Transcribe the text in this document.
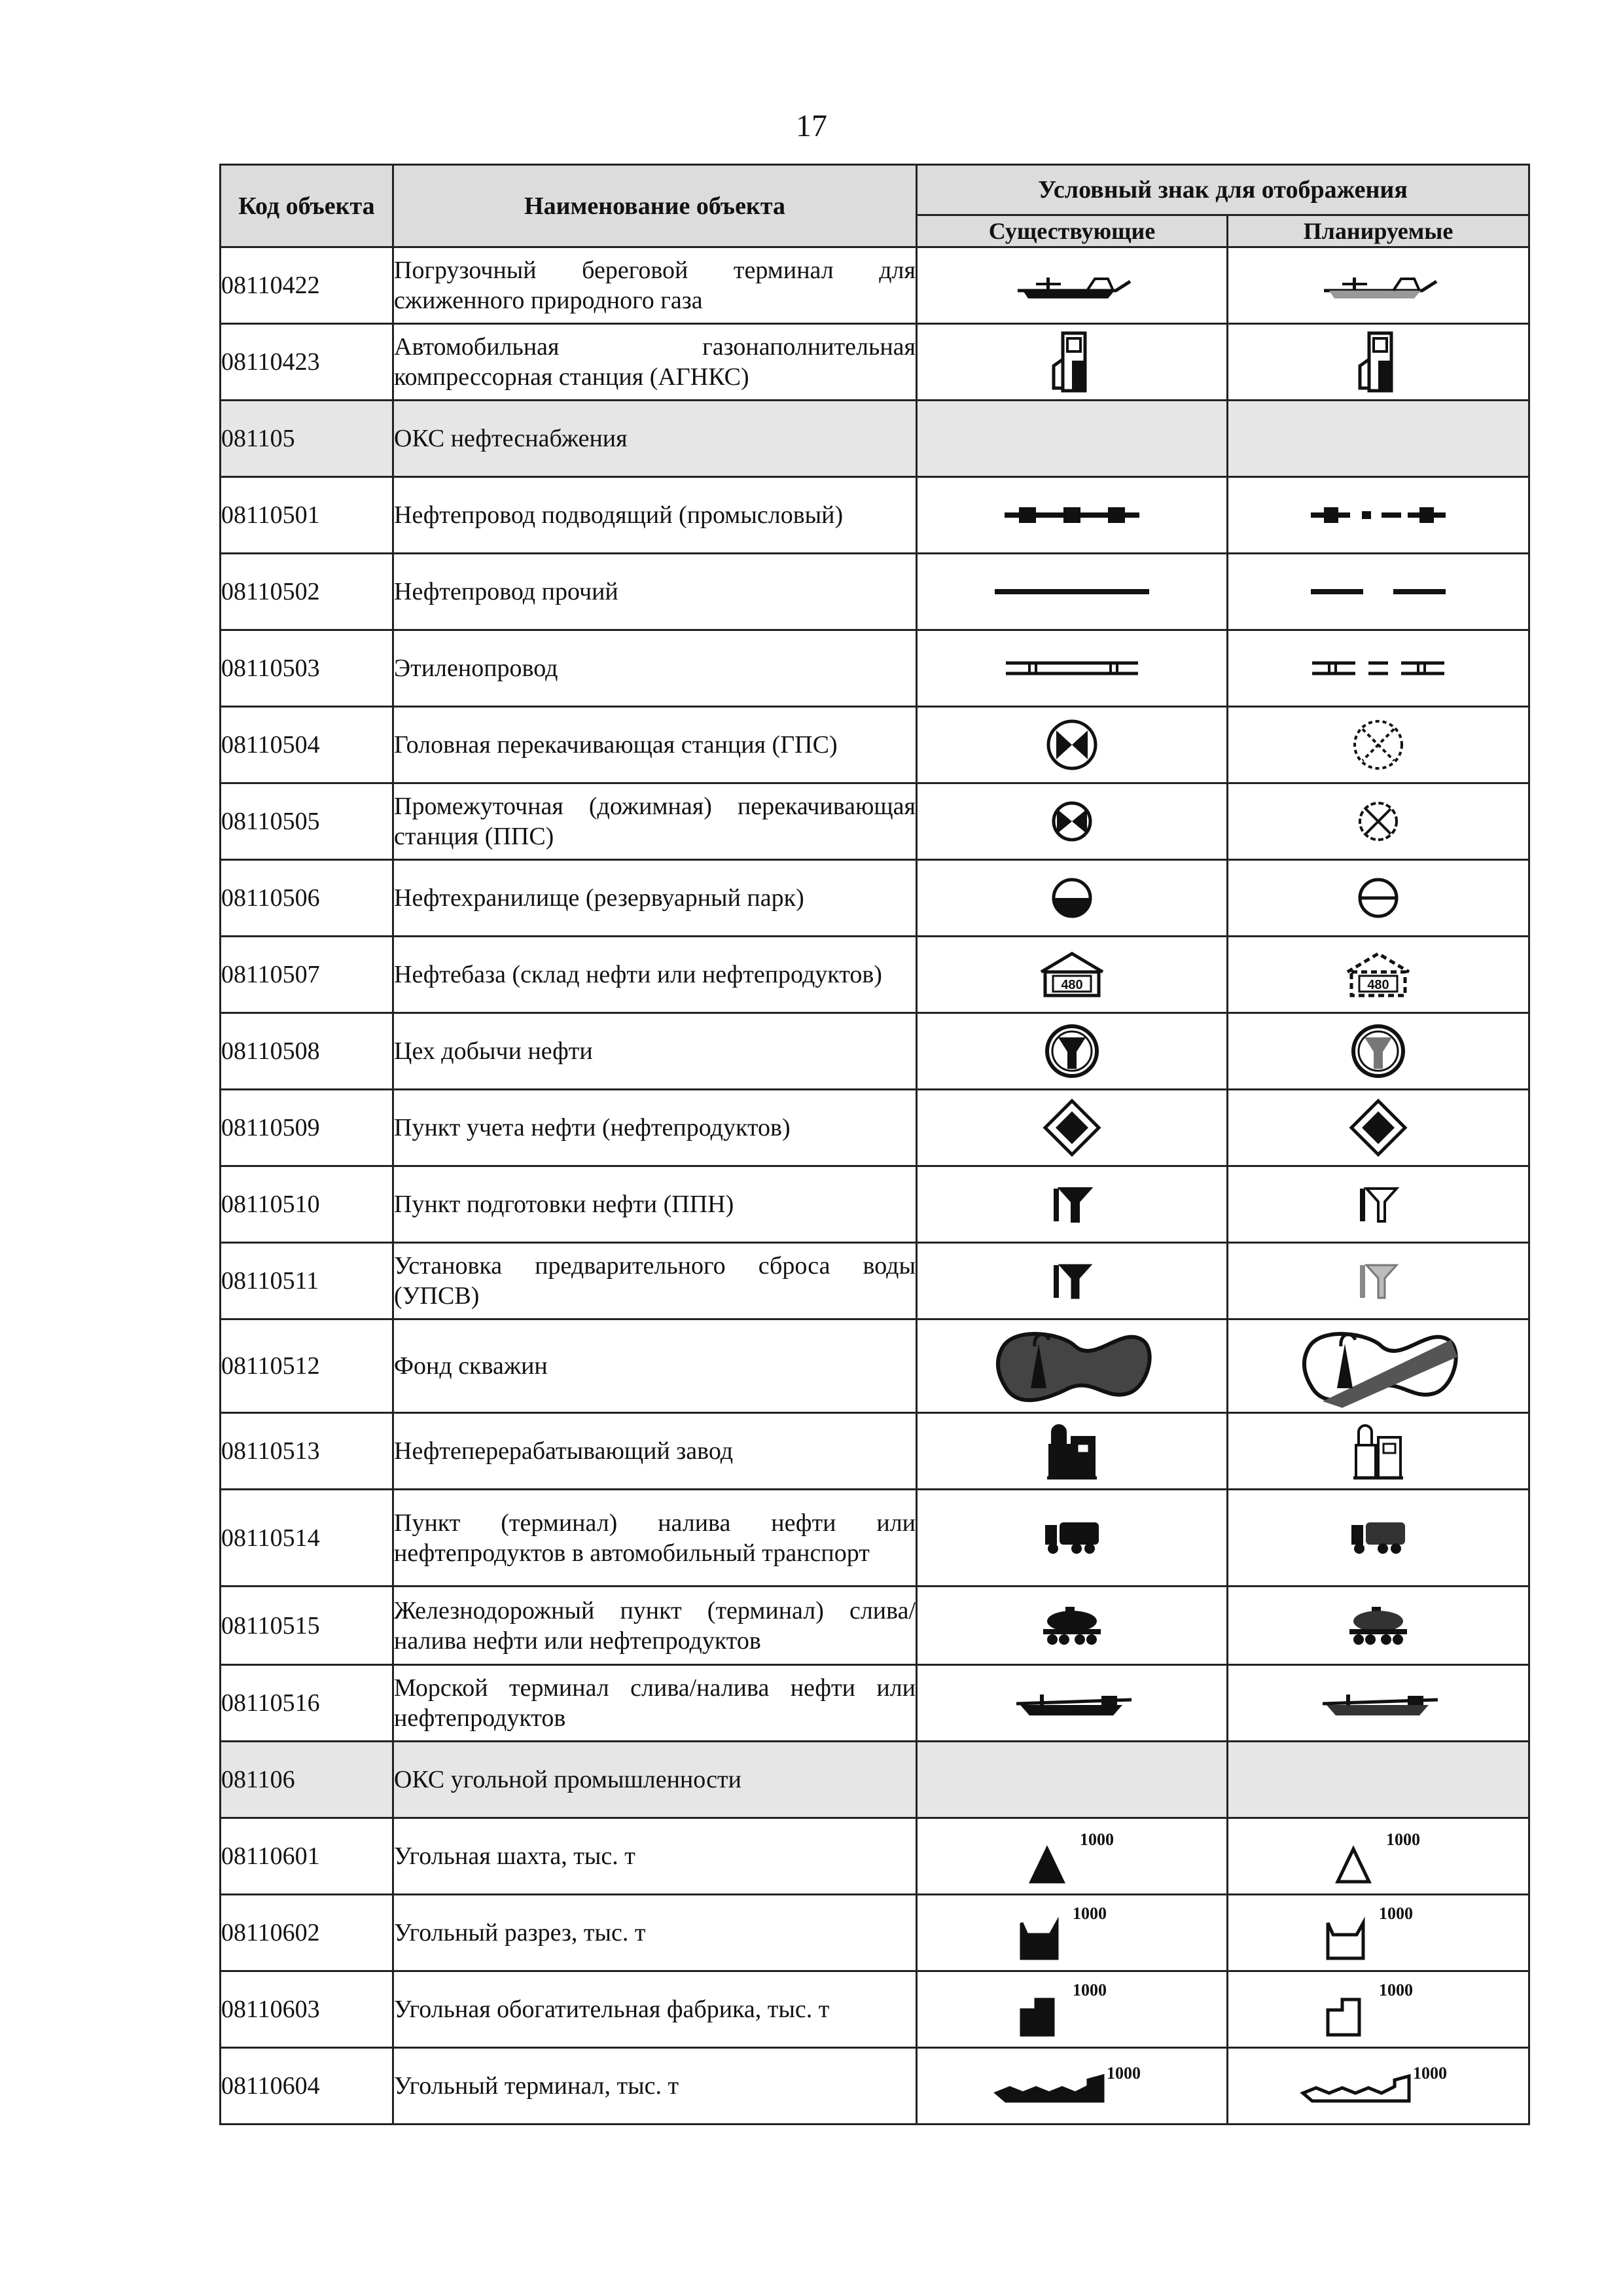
17
Код объекта	Наименование объекта	Условный знак для отображения	
		Существующие	Планируемые
08110422	Погрузочный береговой терминал для сжиженного природного газа		
08110423	Автомобильная газонаполнительная компрессорная станция (АГНКС)		
081105	ОКС нефтеснабжения		
08110501	Нефтепровод подводящий (промысловый)		
08110502	Нефтепровод прочий		
08110503	Этиленопровод		
08110504	Головная перекачивающая станция (ГПС)		
08110505	Промежуточная (дожимная) перекачивающая станция (ППС)		
08110506	Нефтехранилище (резервуарный парк)		
08110507	Нефтебаза (склад нефти или нефтепродуктов)	480	480

08110508	Цех добычи нефти		
08110509	Пункт учета нефти (нефтепродуктов)		
08110510	Пункт подготовки нефти (ППН)		
08110511	Установка предварительного сброса воды (УПСВ)		
08110512	Фонд скважин		
08110513	Нефтеперерабатывающий завод		
08110514	Пункт (терминал) налива нефти или нефтепродуктов в автомобильный транспорт		
08110515	Железнодорожный пункт (терминал) слива/налива нефти или нефтепродуктов		
08110516	Морской терминал слива/налива нефти или нефтепродуктов		
081106	ОКС угольной промышленности		
08110601	Угольная шахта, тыс. т	1000	1000

08110602	Угольный разрез, тыс. т	1000	1000

08110603	Угольная обогатительная фабрика, тыс. т	1000	1000

08110604	Угольный терминал, тыс. т	1000	1000
